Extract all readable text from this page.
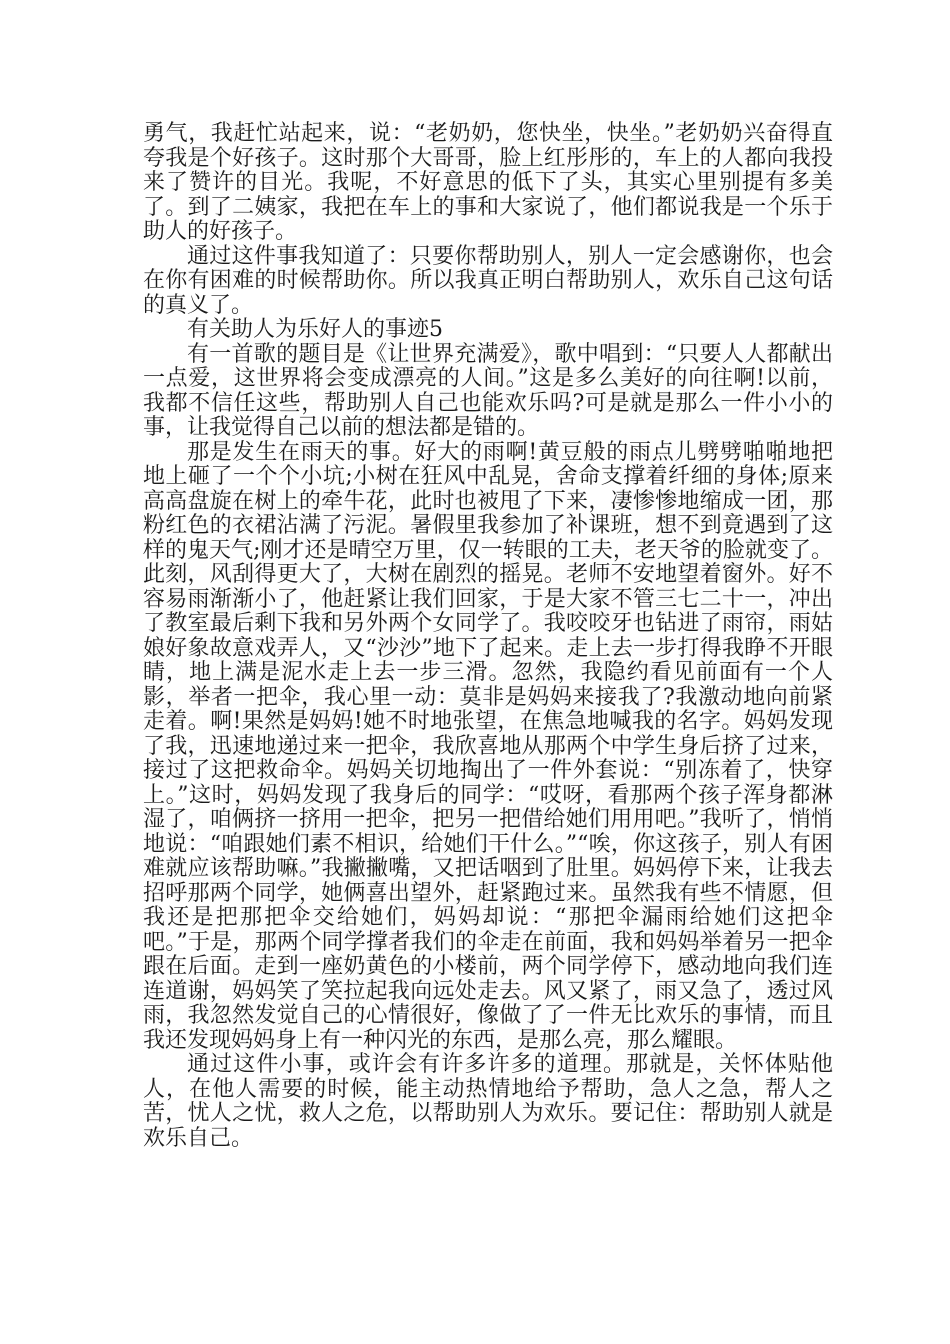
勇气，我赶忙站起来，说：“老奶奶，您快坐，快坐。”老奶奶兴奋得直夸我是个好孩子。这时那个大哥哥，脸上红彤彤的，车上的人都向我投来了赞许的目光。我呢，不好意思的低下了头，其实心里别提有多美了。到了二姨家，我把在车上的事和大家说了，他们都说我是一个乐于助人的好孩子。

通过这件事我知道了：只要你帮助别人，别人一定会感谢你，也会在你有困难的时候帮助你。所以我真正明白帮助别人，欢乐自己这句话的真义了。

有关助人为乐好人的事迹5

有一首歌的题目是《让世界充满爱》，歌中唱到：“只要人人都献出一点爱，这世界将会变成漂亮的人间。”这是多么美好的向往啊!以前，我都不信任这些，帮助别人自己也能欢乐吗?可是就是那么一件小小的事，让我觉得自己以前的想法都是错的。

那是发生在雨天的事。好大的雨啊!黄豆般的雨点儿劈劈啪啪地把地上砸了一个个小坑;小树在狂风中乱晃，舍命支撑着纤细的身体;原来高高盘旋在树上的牵牛花，此时也被甩了下来，凄惨惨地缩成一团，那粉红色的衣裙沾满了污泥。暑假里我参加了补课班，想不到竟遇到了这样的鬼天气;刚才还是晴空万里，仅一转眼的工夫，老天爷的脸就变了。此刻，风刮得更大了，大树在剧烈的摇晃。老师不安地望着窗外。好不容易雨渐渐小了，他赶紧让我们回家，于是大家不管三七二十一，冲出了教室最后剩下我和另外两个女同学了。我咬咬牙也钻进了雨帘，雨姑娘好象故意戏弄人，又“沙沙”地下了起来。走上去一步打得我睁不开眼睛，地上满是泥水走上去一步三滑。忽然，我隐约看见前面有一个人影，举者一把伞，我心里一动：莫非是妈妈来接我了?我激动地向前紧走着。啊!果然是妈妈!她不时地张望，在焦急地喊我的名字。妈妈发现了我，迅速地递过来一把伞，我欣喜地从那两个中学生身后挤了过来，接过了这把救命伞。妈妈关切地掏出了一件外套说：“别冻着了，快穿上。”这时，妈妈发现了我身后的同学：“哎呀，看那两个孩子浑身都淋湿了，咱俩挤一挤用一把伞，把另一把借给她们用用吧。”我听了，悄悄地说：“咱跟她们素不相识，给她们干什么。”“唉，你这孩子，别人有困难就应该帮助嘛。”我撇撇嘴，又把话咽到了肚里。妈妈停下来，让我去招呼那两个同学，她俩喜出望外，赶紧跑过来。虽然我有些不情愿，但我还是把那把伞交给她们，妈妈却说：“那把伞漏雨给她们这把伞吧。”于是，那两个同学撑者我们的伞走在前面，我和妈妈举着另一把伞跟在后面。走到一座奶黄色的小楼前，两个同学停下，感动地向我们连连道谢，妈妈笑了笑拉起我向远处走去。风又紧了，雨又急了，透过风雨，我忽然发觉自己的心情很好，像做了了一件无比欢乐的事情，而且我还发现妈妈身上有一种闪光的东西，是那么亮，那么耀眼。

通过这件小事，或许会有许多许多的道理。那就是，关怀体贴他人，在他人需要的时候，能主动热情地给予帮助，急人之急，帮人之苦，忧人之忧，救人之危，以帮助别人为欢乐。要记住：帮助别人就是欢乐自己。
